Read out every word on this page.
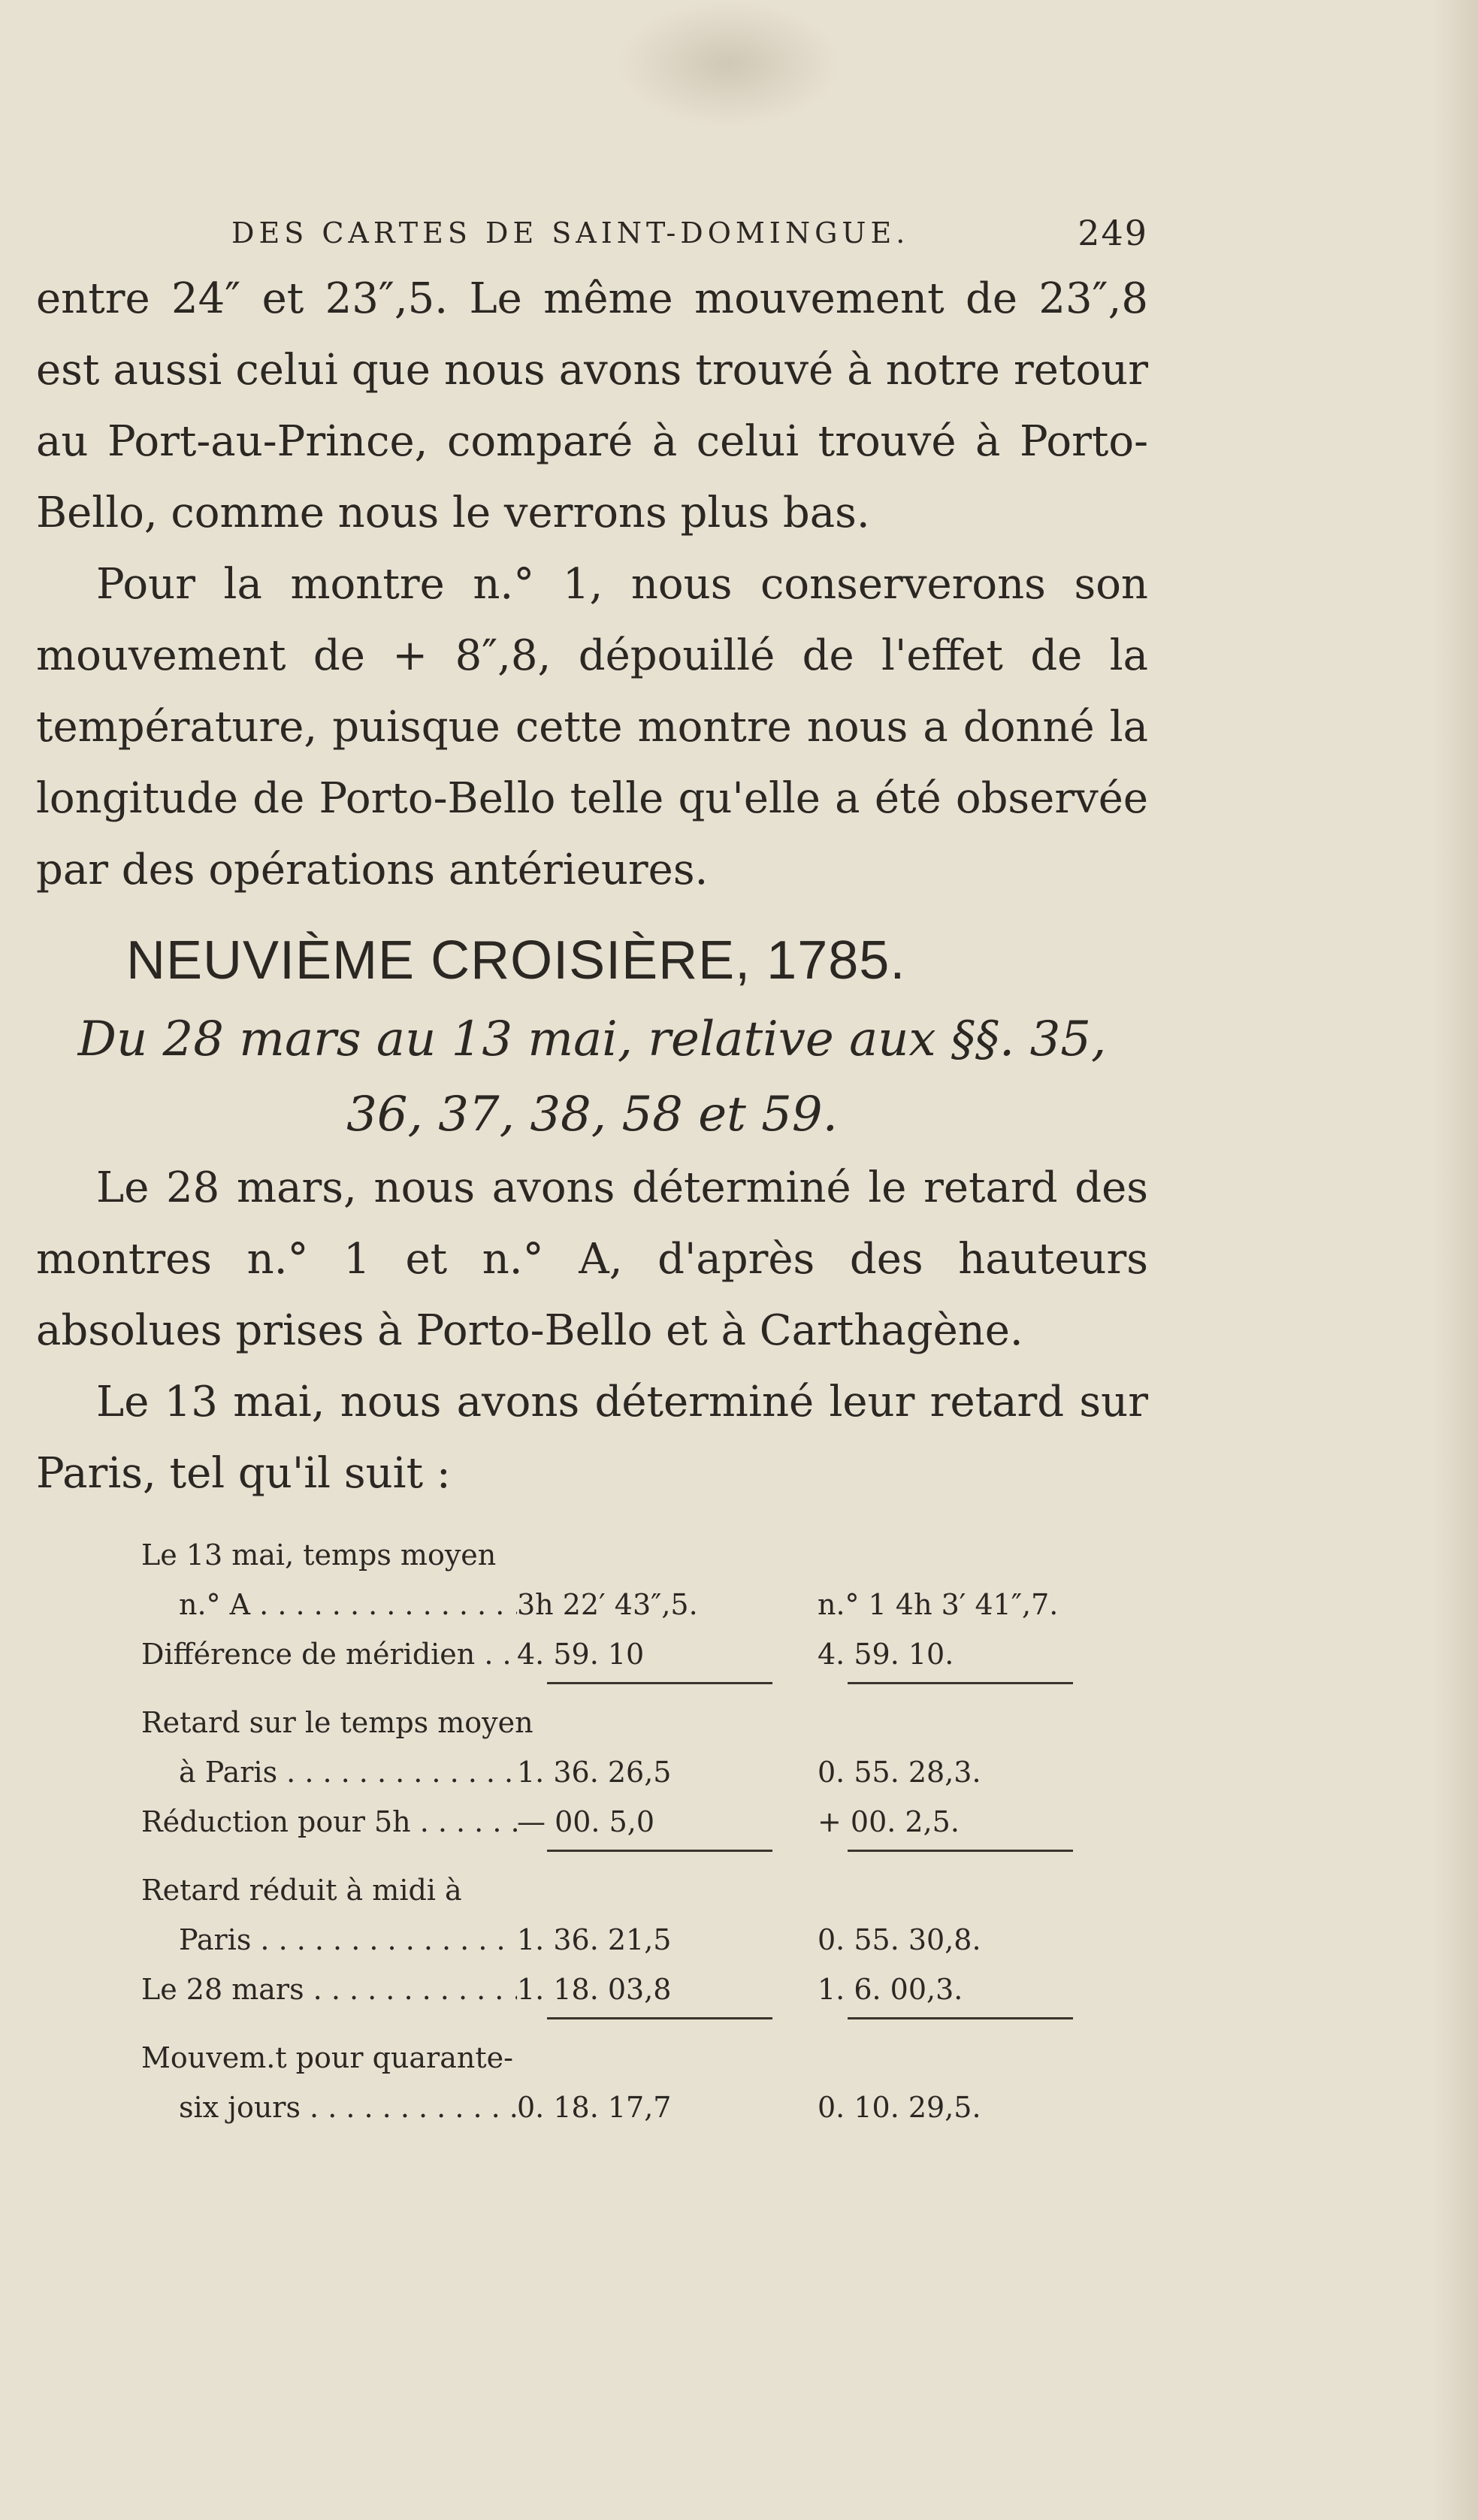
DES CARTES DE SAINT-DOMINGUE.	249

entre 24″ et 23″,5. Le même mouvement de 23″,8 est aussi celui que nous avons trouvé à notre retour au Port-au-Prince, comparé à celui trouvé à Porto-Bello, comme nous le verrons plus bas.

Pour la montre n.° 1, nous conserverons son mouvement de + 8″,8, dépouillé de l'effet de la température, puisque cette montre nous a donné la longitude de Porto-Bello telle qu'elle a été observée par des opérations antérieures.

NEUVIÈME CROISIÈRE, 1785.
Du 28 mars au 13 mai, relative aux §§. 35,
36, 37, 38, 58 et 59.

Le 28 mars, nous avons déterminé le retard des montres n.° 1 et n.° A, d'après des hauteurs absolues prises à Porto-Bello et à Carthagène.

Le 13 mai, nous avons déterminé leur retard sur Paris, tel qu'il suit :

Le 13 mai, temps moyen
n.° A . . .	3h 22′ 43″,5.	n.° 1 4h 3′ 41″,7.
Différence de méridien . . .	4. 59. 10	4. 59. 10.
Retard sur le temps moyen
à Paris . . .	1. 36. 26,5	0. 55. 28,3.
Réduction pour 5h . . .	— 00. 5,0	+ 00. 2,5.
Retard réduit à midi à
Paris . . .	1. 36. 21,5	0. 55. 30,8.
Le 28 mars . . .	1. 18. 03,8	1. 6. 00,3.
Mouvem.t pour quarante-
six jours . . .	0. 18. 17,7	0. 10. 29,5.
